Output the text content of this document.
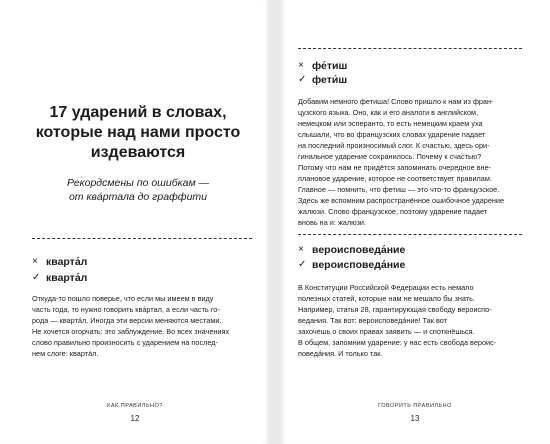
17 ударений в словах,
которые над нами просто
издеваются
Рекордсмены по ошибкам —
от квáртала до граффити
× кварта́л
✓ кварта́л
Откуда-то пошло поверье, что если мы имеем в виду
часть года, то нужно говорить квáртал, а если часть го-
рода — квартáл. Иногда эти версии меняются местами.
Не хочется огорчать: это заблуждение. Во всех значениях
слово правильно произносить с ударением на послед-
нем слоге: квартáл.
КАК ПРАВИЛЬНО?
12
× фе́тиш
✓ фети́ш
Добавим немного фетиша! Слово пришло к нам из фран-
цузского языка. Оно, как и его аналоги в английском,
немецком или эсперанто, то есть немецким краем уха
слышали, что во французских словах ударение падает
на последний произносимый слог. К счастью, здесь ори-
гинальное ударение сохранилось. Почему к счастью?
Потому что нам не придётся запоминать очередное вне-
плановое ударение, которое не соответствует правилам.
Главное — помнить, что фетиш — это что-то французское.
Здесь же вспомним распространённое ошибочное ударение
жалюзи. Слово французское, поэтому ударение падает
вновь на и: жалюзи.
× вероисповеда́ние
✓ вероисповеда́ние
В Конституции Российской Федерации есть немало
полезных статей, которые нам не мешало бы знать.
Например, статья 28, гарантирующая свободу вероиспо-
ведания. Так вот: вероисповедáние! Так вот
захочешь о своих правах заявить — и споткнёшься.
В общем, запомним ударение: у нас есть свобода вероис-
поведáния. И только так.
ГОВОРИТЬ ПРАВИЛЬНО
13
